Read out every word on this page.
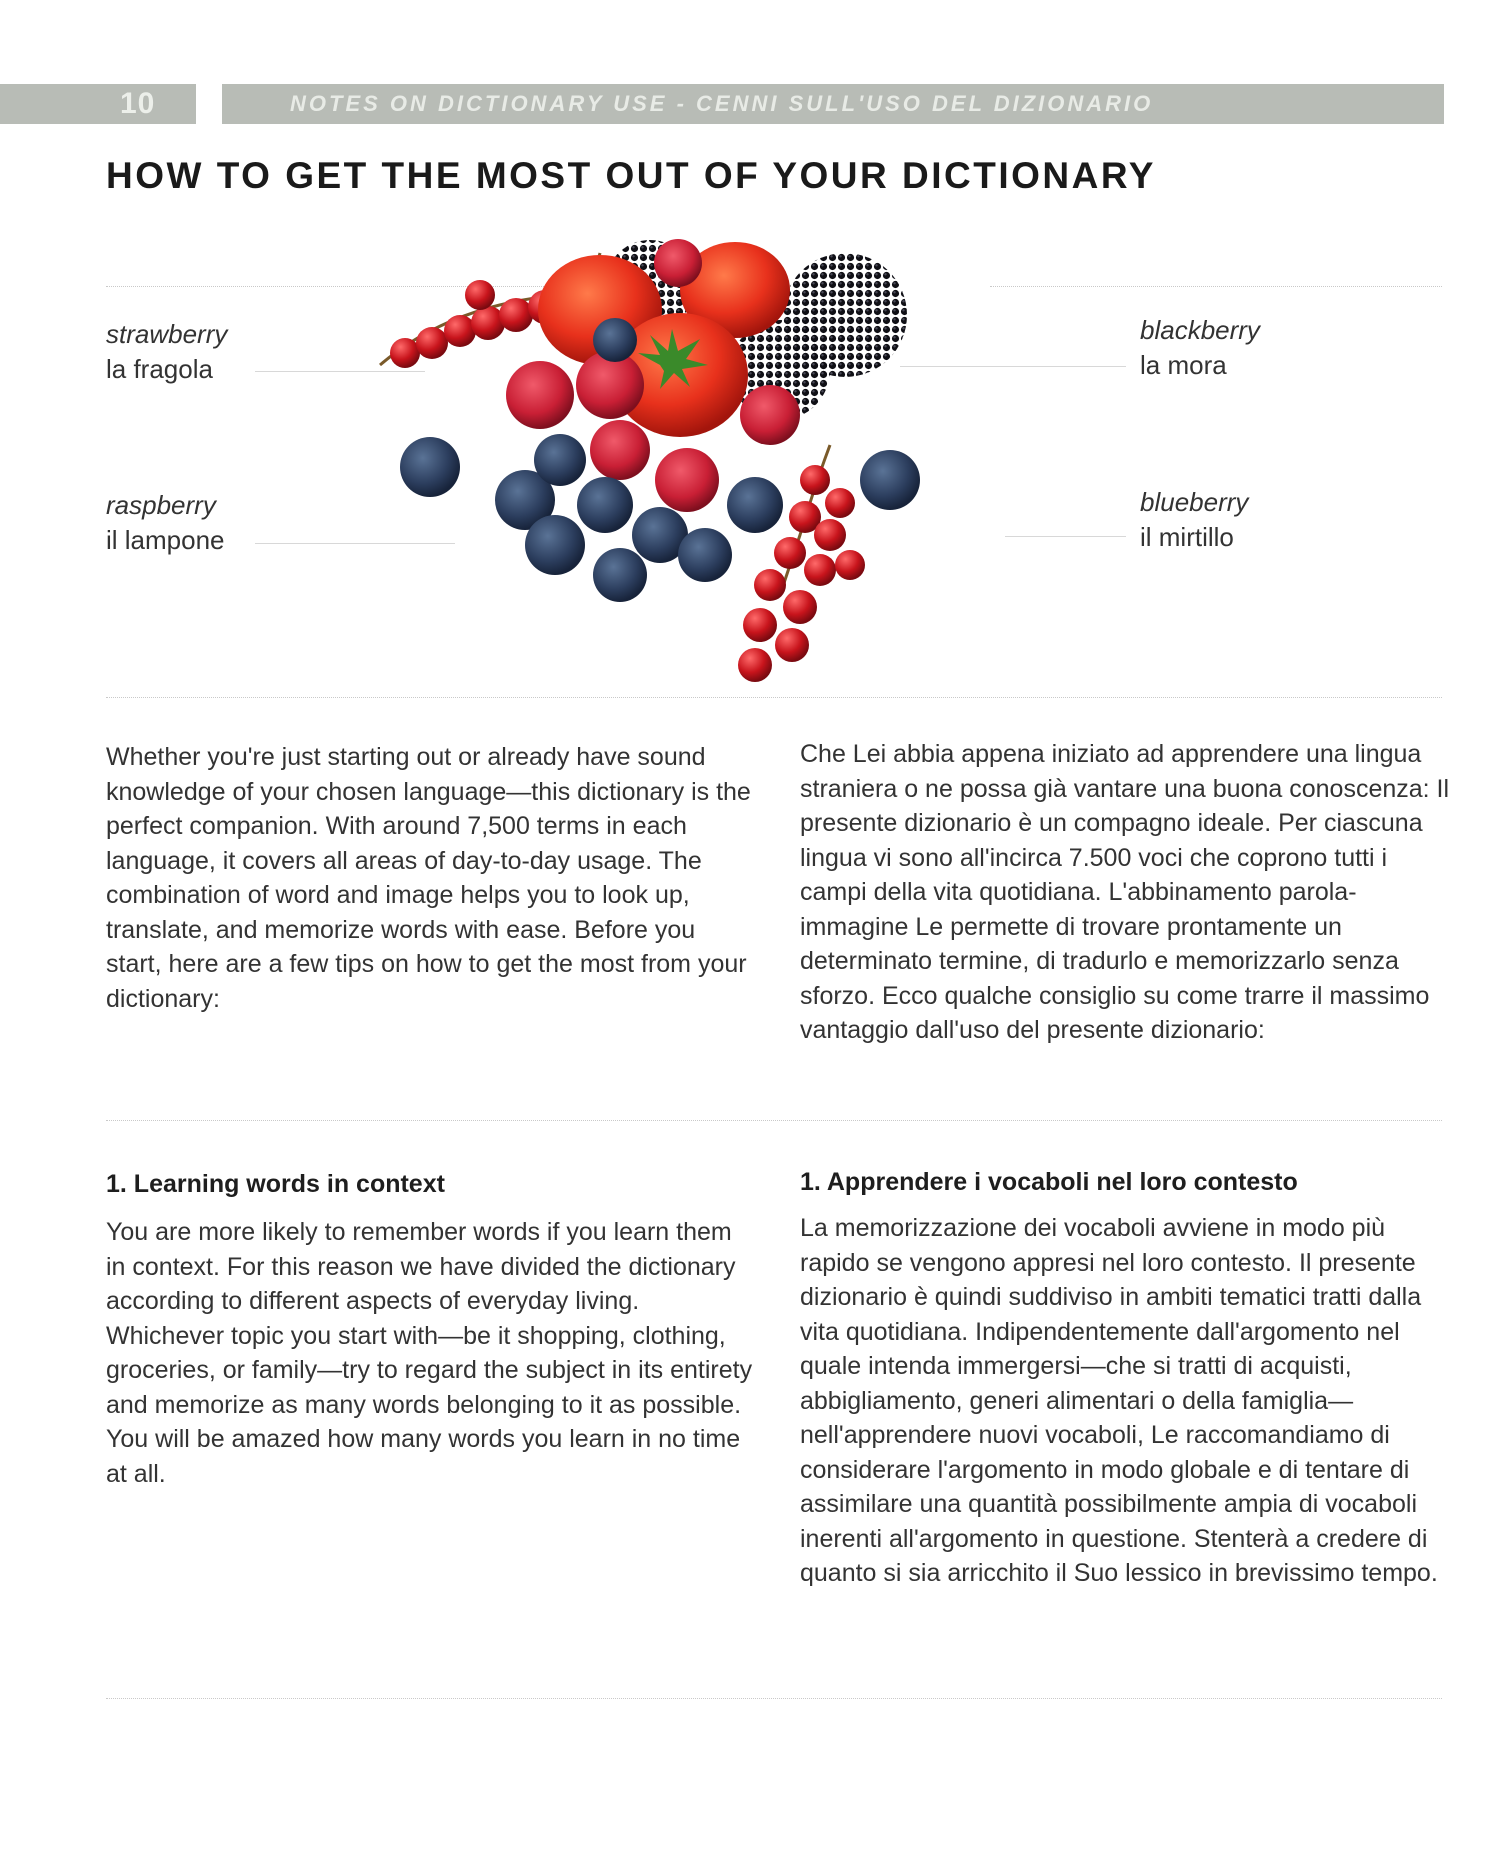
10	NOTES ON DICTIONARY USE - CENNI SULL'USO DEL DIZIONARIO
HOW TO GET THE MOST OUT OF YOUR DICTIONARY
strawberry
la fragola
raspberry
il lampone
blackberry
la mora
blueberry
il mirtillo

Whether you're just starting out or already have sound knowledge of your chosen language—this dictionary is the perfect companion. With around 7,500 terms in each language, it covers all areas of day-to-day usage. The combination of word and image helps you to look up, translate, and memorize words with ease. Before you start, here are a few tips on how to get the most from your dictionary:

Che Lei abbia appena iniziato ad apprendere una lingua straniera o ne possa già vantare una buona conoscenza: Il presente dizionario è un compagno ideale. Per ciascuna lingua vi sono all'incirca 7.500 voci che coprono tutti i campi della vita quotidiana. L'abbinamento parola-immagine Le permette di trovare prontamente un determinato termine, di tradurlo e memorizzarlo senza sforzo. Ecco qualche consiglio su come trarre il massimo vantaggio dall'uso del presente dizionario:

1. Learning words in context	1. Apprendere i vocaboli nel loro contesto

You are more likely to remember words if you learn them in context. For this reason we have divided the dictionary according to different aspects of everyday living. Whichever topic you start with—be it shopping, clothing, groceries, or family—try to regard the subject in its entirety and memorize as many words belonging to it as possible. You will be amazed how many words you learn in no time at all.

La memorizzazione dei vocaboli avviene in modo più rapido se vengono appresi nel loro contesto. Il presente dizionario è quindi suddiviso in ambiti tematici tratti dalla vita quotidiana. Indipendentemente dall'argomento nel quale intenda immergersi—che si tratti di acquisti, abbigliamento, generi alimentari o della famiglia—nell'apprendere nuovi vocaboli, Le raccomandiamo di considerare l'argomento in modo globale e di tentare di assimilare una quantità possibilmente ampia di vocaboli inerenti all'argomento in questione. Stenterà a credere di quanto si sia arricchito il Suo lessico in brevissimo tempo.
